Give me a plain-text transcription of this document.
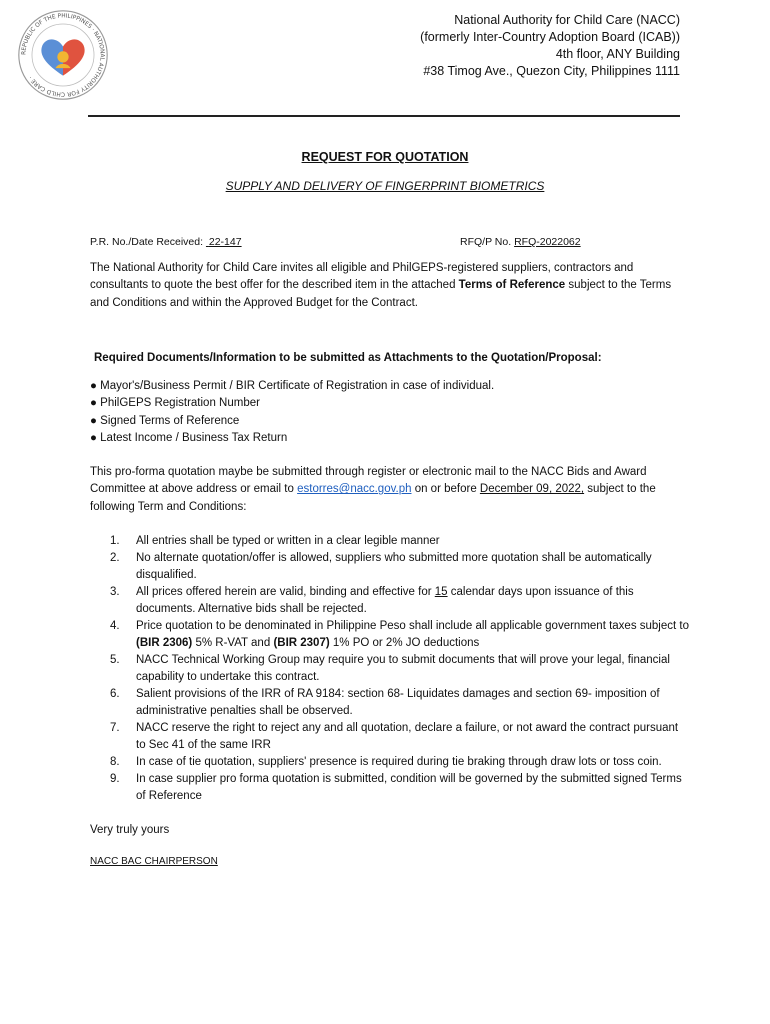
REPUBLIC OF THE PHILIPPINES · NATIONAL AUTHORITY FOR CHILD CARE ·
National Authority for Child Care (NACC)
(formerly Inter-Country Adoption Board (ICAB))
4th floor, ANY Building
#38 Timog Ave., Quezon City, Philippines 1111
REQUEST FOR QUOTATION
SUPPLY AND DELIVERY OF FINGERPRINT BIOMETRICS
P.R. No./Date Received: 22-147	RFQ/P No. RFQ-2022062
The National Authority for Child Care invites all eligible and PhilGEPS-registered suppliers, contractors and consultants to quote the best offer for the described item in the attached Terms of Reference subject to the Terms and Conditions and within the Approved Budget for the Contract.
Required Documents/Information to be submitted as Attachments to the Quotation/Proposal:
● Mayor's/Business Permit / BIR Certificate of Registration in case of individual.
● PhilGEPS Registration Number
● Signed Terms of Reference
● Latest Income / Business Tax Return
This pro-forma quotation maybe be submitted through register or electronic mail to the NACC Bids and Award Committee at above address or email to estorres@nacc.gov.ph on or before December 09, 2022, subject to the following Term and Conditions:
1. All entries shall be typed or written in a clear legible manner
2. No alternate quotation/offer is allowed, suppliers who submitted more quotation shall be automatically disqualified.
3. All prices offered herein are valid, binding and effective for 15 calendar days upon issuance of this documents. Alternative bids shall be rejected.
4. Price quotation to be denominated in Philippine Peso shall include all applicable government taxes subject to (BIR 2306) 5% R-VAT and (BIR 2307) 1% PO or 2% JO deductions
5. NACC Technical Working Group may require you to submit documents that will prove your legal, financial capability to undertake this contract.
6. Salient provisions of the IRR of RA 9184: section 68- Liquidates damages and section 69- imposition of administrative penalties shall be observed.
7. NACC reserve the right to reject any and all quotation, declare a failure, or not award the contract pursuant to Sec 41 of the same IRR
8. In case of tie quotation, suppliers' presence is required during tie braking through draw lots or toss coin.
9. In case supplier pro forma quotation is submitted, condition will be governed by the submitted signed Terms of Reference
Very truly yours
NACC BAC CHAIRPERSON
